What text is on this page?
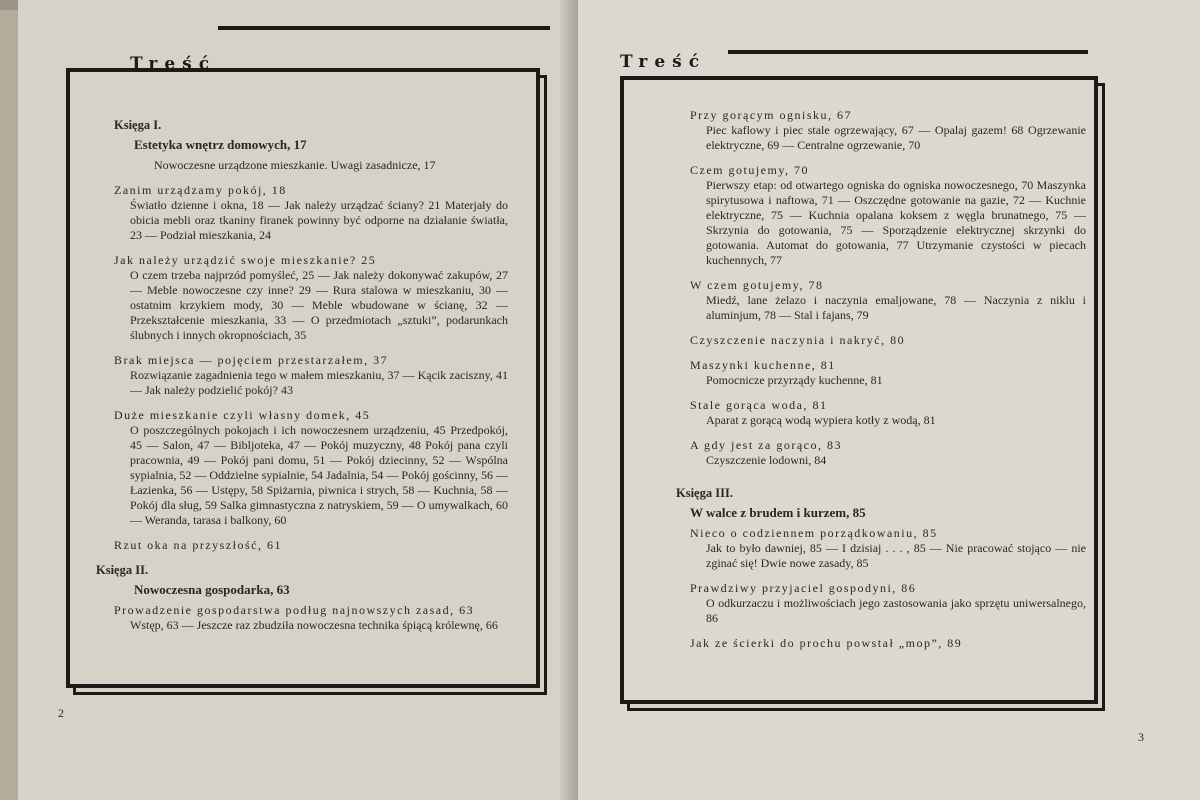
Treść
Księga I.
Estetyka wnętrz domowych, 17
Nowoczesne urządzone mieszkanie. Uwagi zasadnicze, 17
Zanim urządzamy pokój, 18
Światło dzienne i okna, 18 — Jak należy urządzać ściany? 21 Materjały do obicia mebli oraz tkaniny firanek powinny być odporne na działanie światła, 23 — Podział mieszkania, 24
Jak należy urządzić swoje mieszkanie? 25
O czem trzeba najprzód pomyśleć, 25 — Jak należy dokonywać zakupów, 27 — Meble nowoczesne czy inne? 29 — Rura stalowa w mieszkaniu, 30 — ostatnim krzykiem mody, 30 — Meble wbudowane w ścianę, 32 — Przekształcenie mieszkania, 33 — O przedmiotach „sztuki”, podarunkach ślubnych i innych okropnościach, 35
Brak miejsca — pojęciem przestarzałem, 37
Rozwiązanie zagadnienia tego w małem mieszkaniu, 37 — Kącik zaciszny, 41 — Jak należy podzielić pokój? 43
Duże mieszkanie czyli własny domek, 45
O poszczególnych pokojach i ich nowoczesnem urządzeniu, 45 Przedpokój, 45 — Salon, 47 — Bibljoteka, 47 — Pokój muzyczny, 48 Pokój pana czyli pracownia, 49 — Pokój pani domu, 51 — Pokój dziecinny, 52 — Wspólna sypialnia, 52 — Oddzielne sypialnie, 54 Jadalnia, 54 — Pokój gościnny, 56 — Łazienka, 56 — Ustępy, 58 Spiżarnia, piwnica i strych, 58 — Kuchnia, 58 — Pokój dla sług, 59 Salka gimnastyczna z natryskiem, 59 — O umywalkach, 60 — Weranda, tarasa i balkony, 60
Rzut oka na przyszłość, 61
Księga II.
Nowoczesna gospodarka, 63
Prowadzenie gospodarstwa podług najnowszych zasad, 63
Wstęp, 63 — Jeszcze raz zbudziła nowoczesna technika śpiącą królewnę, 66
2
Treść
Przy gorącym ognisku, 67
Piec kaflowy i piec stale ogrzewający, 67 — Opalaj gazem! 68 Ogrzewanie elektryczne, 69 — Centralne ogrzewanie, 70
Czem gotujemy, 70
Pierwszy etap: od otwartego ogniska do ogniska nowoczesnego, 70 Maszynka spirytusowa i naftowa, 71 — Oszczędne gotowanie na gazie, 72 — Kuchnie elektryczne, 75 — Kuchnia opalana koksem z węgla brunatnego, 75 — Skrzynia do gotowania, 75 — Sporządzenie elektrycznej skrzynki do gotowania. Automat do gotowania, 77 Utrzymanie czystości w piecach kuchennych, 77
W czem gotujemy, 78
Miedź, lane żelazo i naczynia emaljowane, 78 — Naczynia z niklu i aluminjum, 78 — Stal i fajans, 79
Czyszczenie naczynia i nakryć, 80
Maszynki kuchenne, 81
Pomocnicze przyrządy kuchenne, 81
Stale gorąca woda, 81
Aparat z gorącą wodą wypiera kotły z wodą, 81
A gdy jest za gorąco, 83
Czyszczenie lodowni, 84
Księga III.
W walce z brudem i kurzem, 85
Nieco o codziennem porządkowaniu, 85
Jak to było dawniej, 85 — I dzisiaj . . . , 85 — Nie pracować stojąco — nie zginać się! Dwie nowe zasady, 85
Prawdziwy przyjaciel gospodyni, 86
O odkurzaczu i możliwościach jego zastosowania jako sprzętu uniwersalnego, 86
Jak ze ścierki do prochu powstał „mop”, 89
3
